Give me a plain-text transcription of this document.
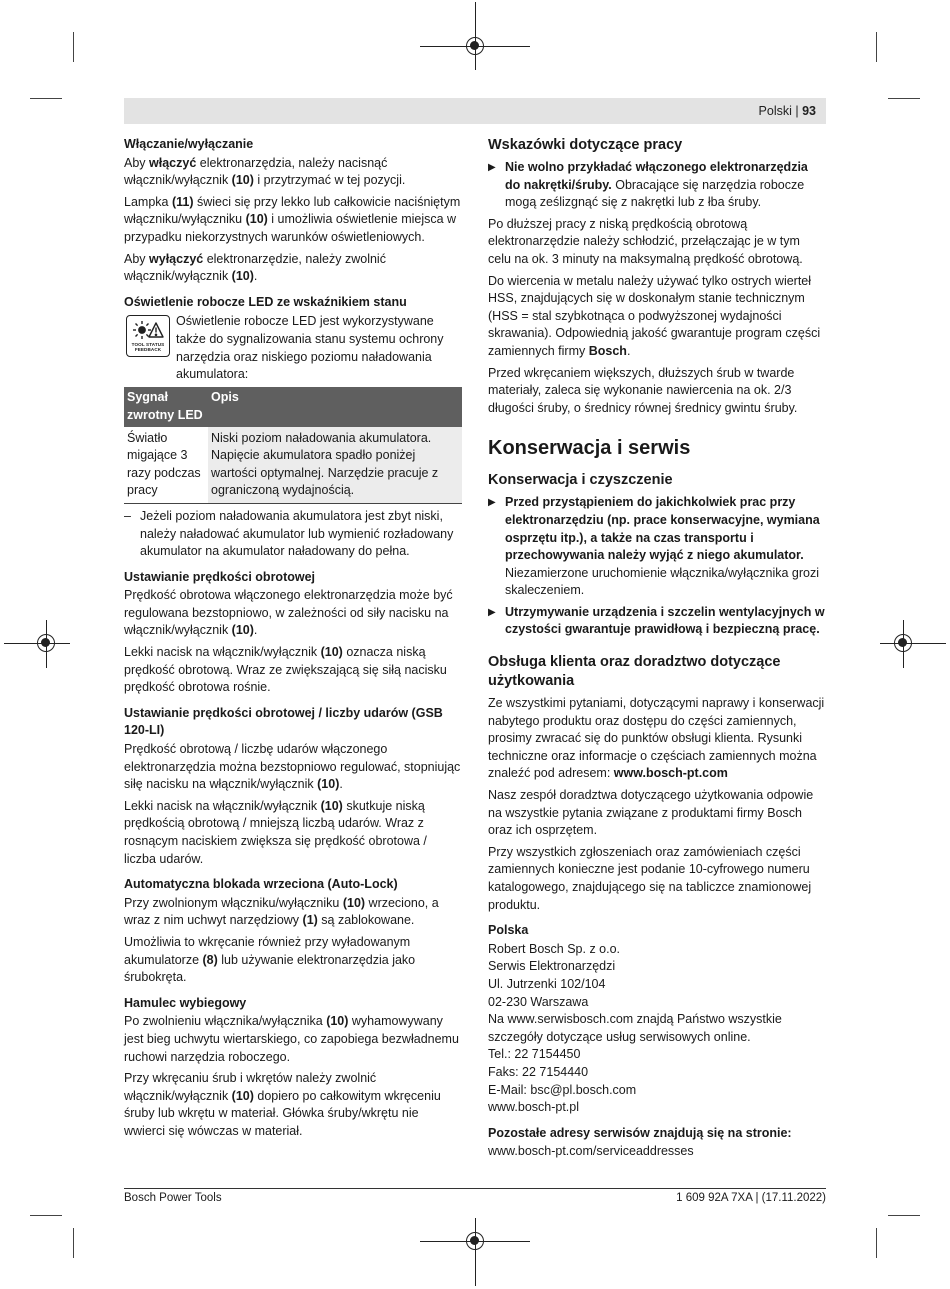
Polski | 93
Włączanie/wyłączanie

Aby włączyć elektronarzędzia, należy nacisnąć włącznik/wyłącznik (10) i przytrzymać w tej pozycji.

Lampka (11) świeci się przy lekko lub całkowicie naciśniętym włączniku/wyłączniku (10) i umożliwia oświetlenie miejsca w przypadku niekorzystnych warunków oświetleniowych.

Aby wyłączyć elektronarzędzie, należy zwolnić włącznik/wyłącznik (10).

Oświetlenie robocze LED ze wskaźnikiem stanu
TOOL STATUS FEEDBACK

Oświetlenie robocze LED jest wykorzystywane także do sygnalizowania stanu systemu ochrony narzędzia oraz niskiego poziomu naładowania akumulatora:

Sygnał zwrotny LED	Opis
Światło migające 3 razy podczas pracy	Niski poziom naładowania akumulatora. Napięcie akumulatora spadło poniżej wartości optymalnej. Narzędzie pracuje z ograniczoną wydajnością.
– Jeżeli poziom naładowania akumulatora jest zbyt niski, należy naładować akumulator lub wymienić rozładowany akumulator na akumulator naładowany do pełna.
Ustawianie prędkości obrotowej

Prędkość obrotowa włączonego elektronarzędzia może być regulowana bezstopniowo, w zależności od siły nacisku na włącznik/wyłącznik (10).

Lekki nacisk na włącznik/wyłącznik (10) oznacza niską prędkość obrotową. Wraz ze zwiększającą się siłą nacisku prędkość obrotowa rośnie.

Ustawianie prędkości obrotowej / liczby udarów (GSB 120-LI)

Prędkość obrotową / liczbę udarów włączonego elektronarzędzia można bezstopniowo regulować, stopniując siłę nacisku na włącznik/wyłącznik (10).

Lekki nacisk na włącznik/wyłącznik (10) skutkuje niską prędkością obrotową / mniejszą liczbą udarów. Wraz z rosnącym naciskiem zwiększa się prędkość obrotowa / liczba udarów.

Automatyczna blokada wrzeciona (Auto-Lock)

Przy zwolnionym włączniku/wyłączniku (10) wrzeciono, a wraz z nim uchwyt narzędziowy (1) są zablokowane.

Umożliwia to wkręcanie również przy wyładowanym akumulatorze (8) lub używanie elektronarzędzia jako śrubokręta.

Hamulec wybiegowy

Po zwolnieniu włącznika/wyłącznika (10) wyhamowywany jest bieg uchwytu wiertarskiego, co zapobiega bezwładnemu ruchowi narzędzia roboczego.

Przy wkręcaniu śrub i wkrętów należy zwolnić włącznik/wyłącznik (10) dopiero po całkowitym wkręceniu śruby lub wkrętu w materiał. Główka śruby/wkrętu nie wwierci się wówczas w materiał.

Wskazówki dotyczące pracy
▶ Nie wolno przykładać włączonego elektronarzędzia do nakrętki/śruby. Obracające się narzędzia robocze mogą ześlizgnąć się z nakrętki lub z łba śruby.

Po dłuższej pracy z niską prędkością obrotową elektronarzędzie należy schłodzić, przełączając je w tym celu na ok. 3 minuty na maksymalną prędkość obrotową.

Do wiercenia w metalu należy używać tylko ostrych wierteł HSS, znajdujących się w doskonałym stanie technicznym (HSS = stal szybkotnąca o podwyższonej wydajności skrawania). Odpowiednią jakość gwarantuje program części zamiennych firmy Bosch.

Przed wkręcaniem większych, dłuższych śrub w twarde materiały, zaleca się wykonanie nawiercenia na ok. 2/3 długości śruby, o średnicy równej średnicy gwintu śruby.

Konserwacja i serwis
Konserwacja i czyszczenie
▶ Przed przystąpieniem do jakichkolwiek prac przy elektronarzędziu (np. prace konserwacyjne, wymiana osprzętu itp.), a także na czas transportu i przechowywania należy wyjąć z niego akumulator. Niezamierzone uruchomienie włącznika/wyłącznika grozi skaleczeniem.
▶ Utrzymywanie urządzenia i szczelin wentylacyjnych w czystości gwarantuje prawidłową i bezpieczną pracę.
Obsługa klienta oraz doradztwo dotyczące użytkowania

Ze wszystkimi pytaniami, dotyczącymi naprawy i konserwacji nabytego produktu oraz dostępu do części zamiennych, prosimy zwracać się do punktów obsługi klienta. Rysunki techniczne oraz informacje o częściach zamiennych można znaleźć pod adresem: www.bosch-pt.com

Nasz zespół doradztwa dotyczącego użytkowania odpowie na wszystkie pytania związane z produktami firmy Bosch oraz ich osprzętem.

Przy wszystkich zgłoszeniach oraz zamówieniach części zamiennych konieczne jest podanie 10-cyfrowego numeru katalogowego, znajdującego się na tabliczce znamionowej produktu.

Polska
Robert Bosch Sp. z o.o.
Serwis Elektronarzędzi
Ul. Jutrzenki 102/104
02-230 Warszawa
Na www.serwisbosch.com znajdą Państwo wszystkie szczegóły dotyczące usług serwisowych online.
Tel.: 22 7154450
Faks: 22 7154440
E-Mail: bsc@pl.bosch.com
www.bosch-pt.pl
Pozostałe adresy serwisów znajdują się na stronie:
www.bosch-pt.com/serviceaddresses
Bosch Power Tools	1 609 92A 7XA | (17.11.2022)
